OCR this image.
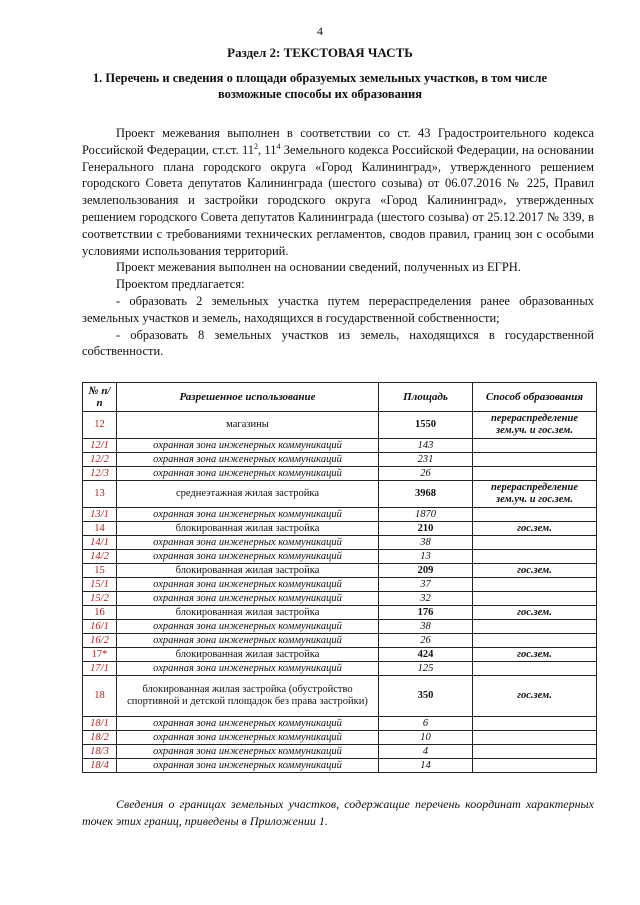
4
Раздел 2: ТЕКСТОВАЯ ЧАСТЬ
1. Перечень и сведения о площади образуемых земельных участков, в том числе возможные способы их образования

Проект межевания выполнен в соответствии со ст. 43 Градостроительного кодекса Российской Федерации, ст.ст. $11^2$, $11^4$ Земельного кодекса Российской Федерации, на основании Генерального плана городского округа «Город Калининград», утвержденного решением городского Совета депутатов Калининграда (шестого созыва) от 06.07.2016 № 225, Правил землепользования и застройки городского округа «Город Калининград», утвержденных решением городского Совета депутатов Калининграда (шестого созыва) от 25.12.2017 № 339, в соответствии с требованиями технических регламентов, сводов правил, границ зон с особыми условиями использования территорий.

Проект межевания выполнен на основании сведений, полученных из ЕГРН.

Проектом предлагается:

- образовать 2 земельных участка путем перераспределения ранее образованных земельных участков и земель, находящихся в государственной собственности;

- образовать 8 земельных участков из земель, находящихся в государственной собственности.

№ п/п	Разрешенное использование	Площадь	Способ образования
12	магазины	1550	перераспределение зем.уч. и гос.зем.
12/1	охранная зона инженерных коммуникаций	143	
12/2	охранная зона инженерных коммуникаций	231	
12/3	охранная зона инженерных коммуникаций	26	
13	среднеэтажная жилая застройка	3968	перераспределение зем.уч. и гос.зем.
13/1	охранная зона инженерных коммуникаций	1870	
14	блокированная жилая застройка	210	гос.зем.
14/1	охранная зона инженерных коммуникаций	38	
14/2	охранная зона инженерных коммуникаций	13	
15	блокированная жилая застройка	209	гос.зем.
15/1	охранная зона инженерных коммуникаций	37	
15/2	охранная зона инженерных коммуникаций	32	
16	блокированная жилая застройка	176	гос.зем.
16/1	охранная зона инженерных коммуникаций	38	
16/2	охранная зона инженерных коммуникаций	26	
17*	блокированная жилая застройка	424	гос.зем.
17/1	охранная зона инженерных коммуникаций	125	
18	блокированная жилая застройка (обустройство спортивной и детской площадок без права застройки)	350	гос.зем.
18/1	охранная зона инженерных коммуникаций	6	
18/2	охранная зона инженерных коммуникаций	10	
18/3	охранная зона инженерных коммуникаций	4	
18/4	охранная зона инженерных коммуникаций	14	
Сведения о границах земельных участков, содержащие перечень координат характерных точек этих границ, приведены в Приложении 1.
